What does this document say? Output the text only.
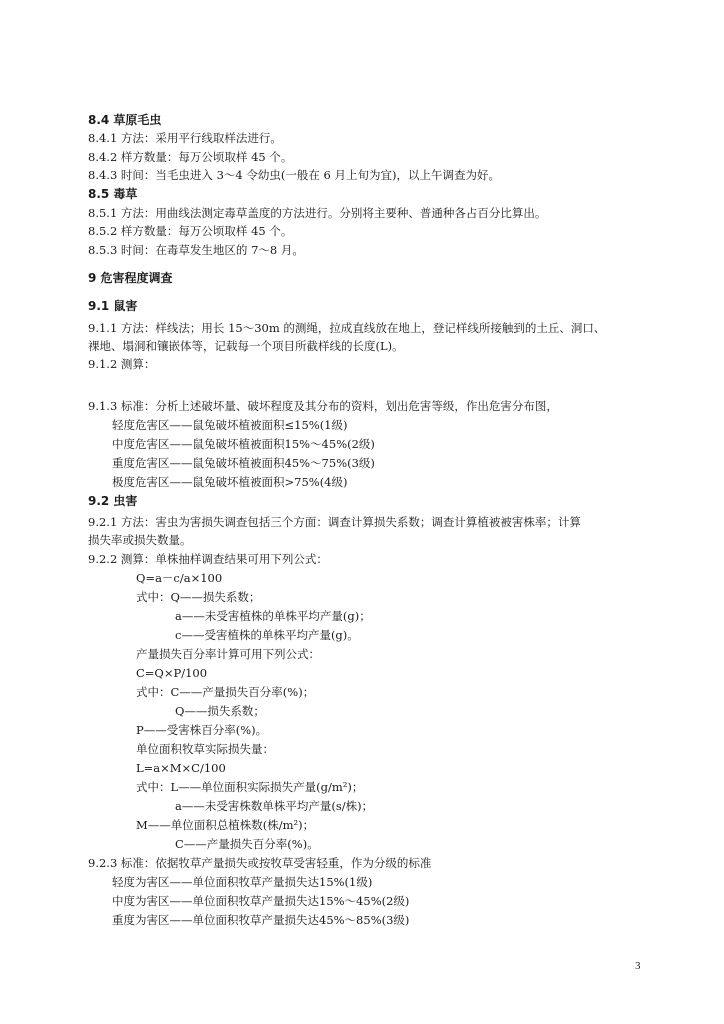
8.4 草原毛虫
8.4.1 方法：采用平行线取样法进行。
8.4.2 样方数量：每万公顷取样 45 个。
8.4.3 时间：当毛虫进入 3～4 令幼虫(一般在 6 月上旬为宜)，以上午调查为好。
8.5 毒草
8.5.1 方法：用曲线法测定毒草盖度的方法进行。分别将主要种、普通种各占百分比算出。
8.5.2 样方数量：每万公顷取样 45 个。
8.5.3 时间：在毒草发生地区的 7～8 月。
9 危害程度调查
9.1 鼠害
9.1.1 方法：样线法；用长 15～30m 的测绳，拉成直线放在地上，登记样线所接触到的土丘、洞口、
裸地、塌洞和镶嵌体等，记载每一个项目所截样线的长度(L)。
9.1.2 测算：
9.1.3 标准：分析上述破坏量、破坏程度及其分布的资料，划出危害等级，作出危害分布图，
轻度危害区——鼠兔破坏植被面积≤15%(1级)
中度危害区——鼠兔破坏植被面积15%～45%(2级)
重度危害区——鼠兔破坏植被面积45%～75%(3级)
极度危害区——鼠兔破坏植被面积>75%(4级)
9.2 虫害
9.2.1 方法：害虫为害损失调查包括三个方面：调查计算损失系数；调查计算植被被害株率；计算
损失率或损失数量。
9.2.2 测算：单株抽样调查结果可用下列公式：
Q=a－c/a×100
式中：Q——损失系数；
a——未受害植株的单株平均产量(g)；
c——受害植株的单株平均产量(g)。
产量损失百分率计算可用下列公式：
C=Q×P/100
式中：C——产量损失百分率(%)；
Q——损失系数；
P——受害株百分率(%)。
单位面积牧草实际损失量：
L=a×M×C/100
式中：L——单位面积实际损失产量(g/m²)；
a——未受害株数单株平均产量(s/株)；
M——单位面积总植株数(株/m²)；
C——产量损失百分率(%)。
9.2.3 标准：依据牧草产量损失或按牧草受害轻重，作为分级的标准
轻度为害区——单位面积牧草产量损失达15%(1级)
中度为害区——单位面积牧草产量损失达15%～45%(2级)
重度为害区——单位面积牧草产量损失达45%～85%(3级)
3
